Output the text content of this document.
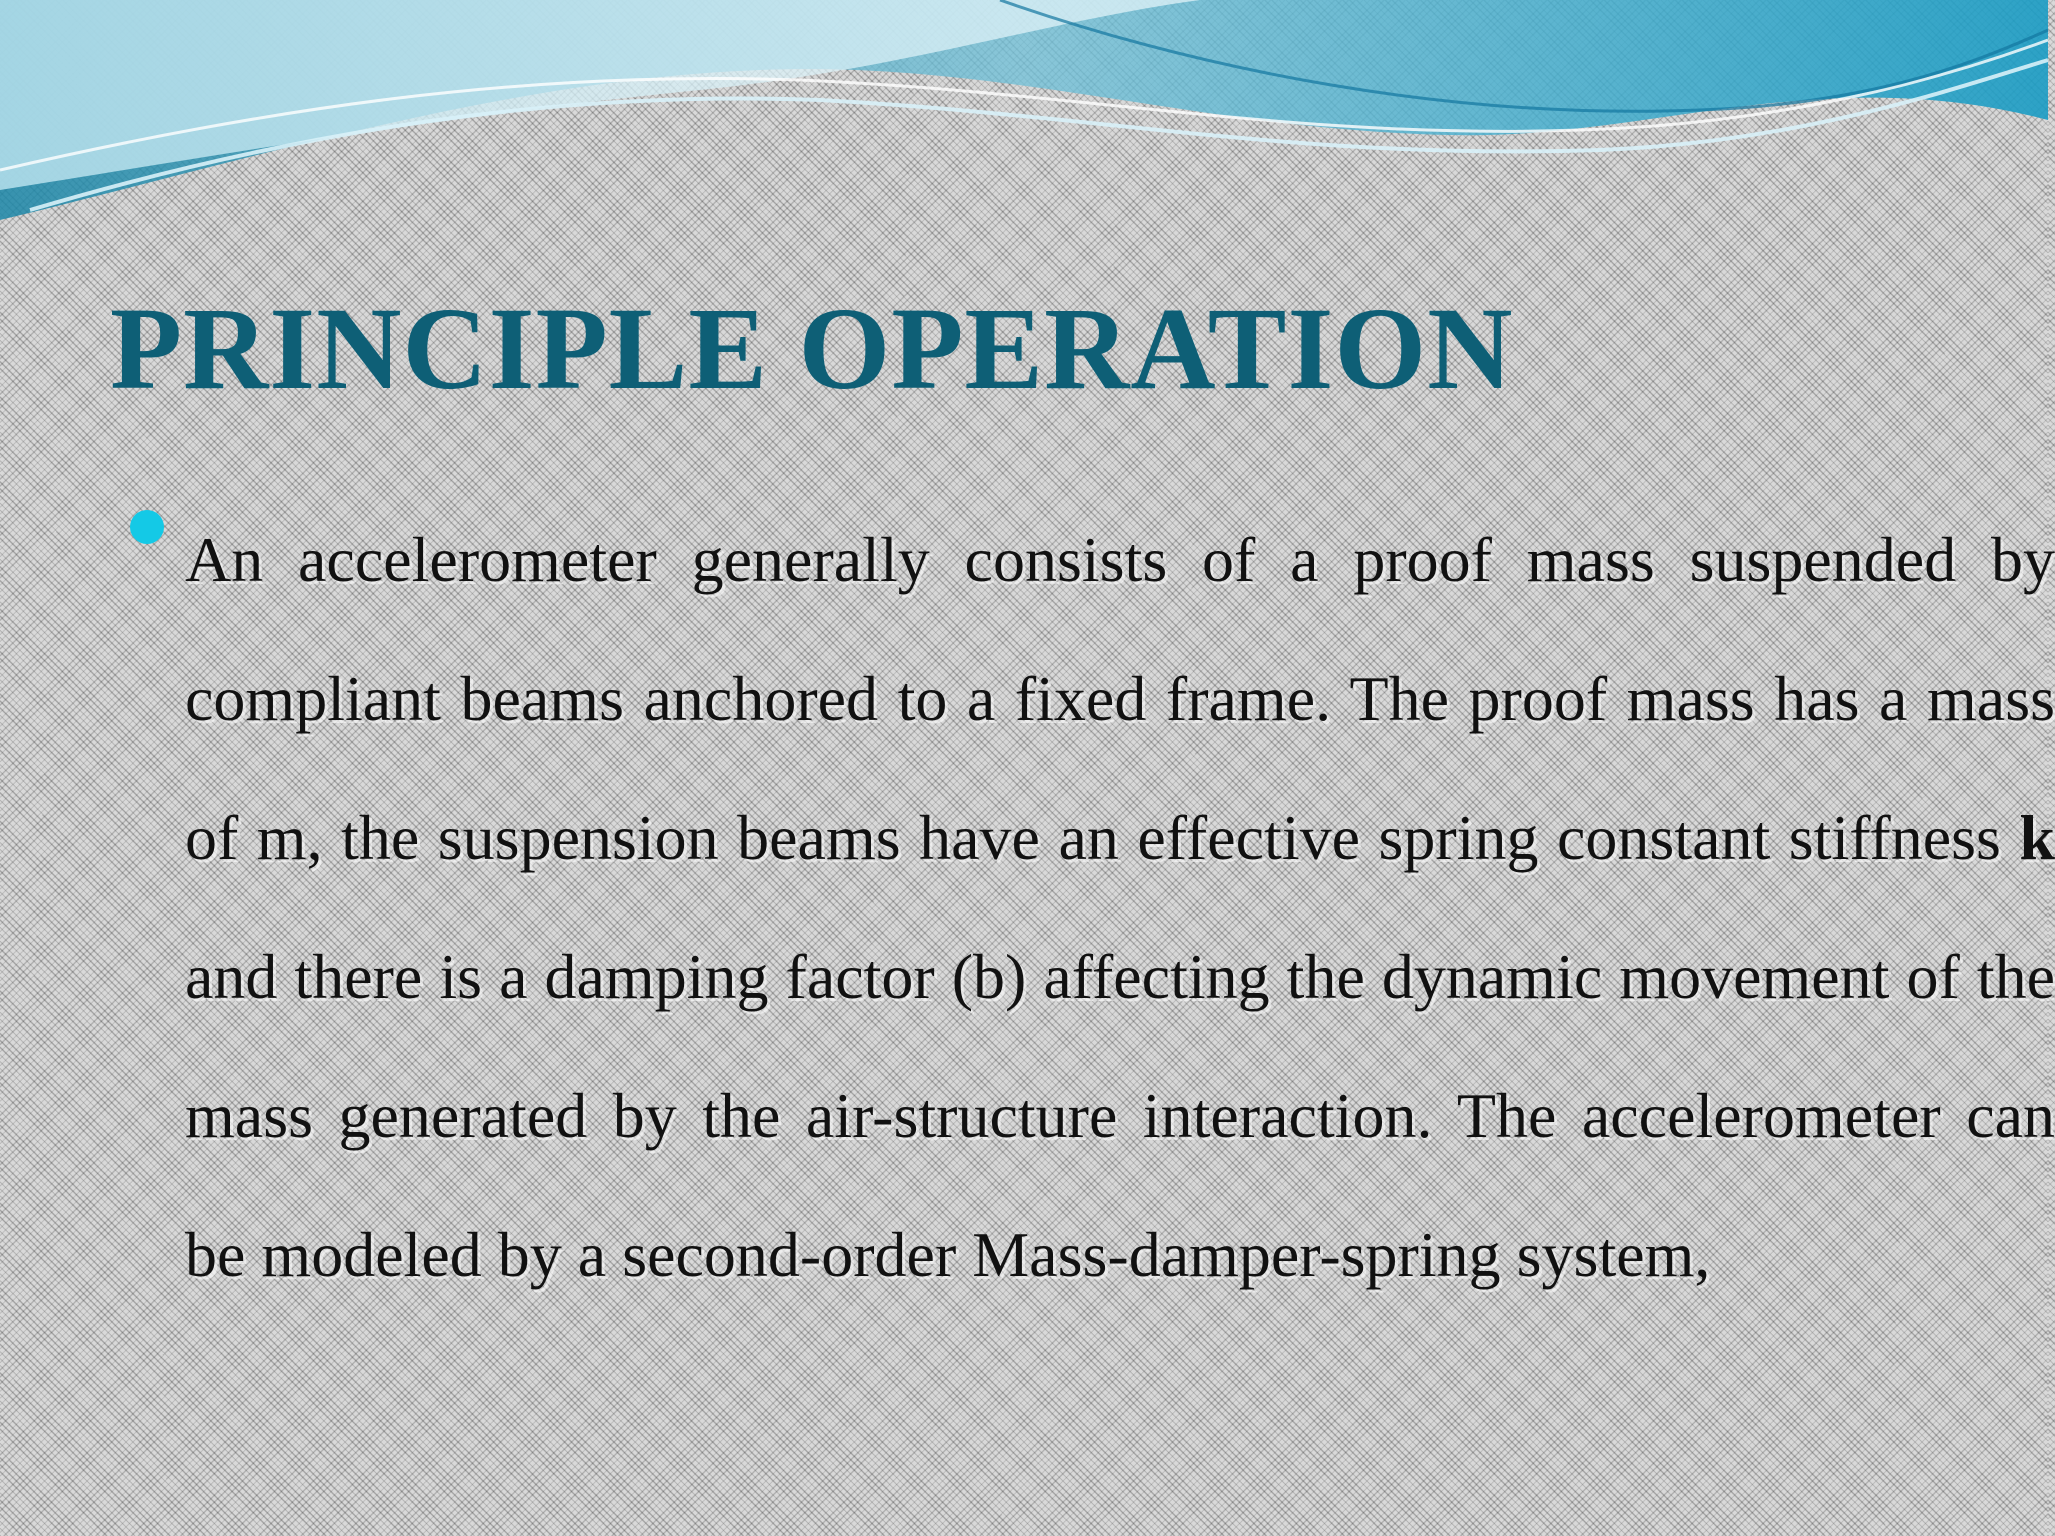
PRINCIPLE OPERATION

An accelerometer generally consists of a proof mass suspended by compliant beams anchored to a fixed frame. The proof mass has a mass of m, the suspension beams have an effective spring constant stiffness k and there is a damping factor (b) affecting the dynamic movement of the mass generated by the air-structure interaction. The accelerometer can be modeled by a second-order Mass-damper-spring system,
